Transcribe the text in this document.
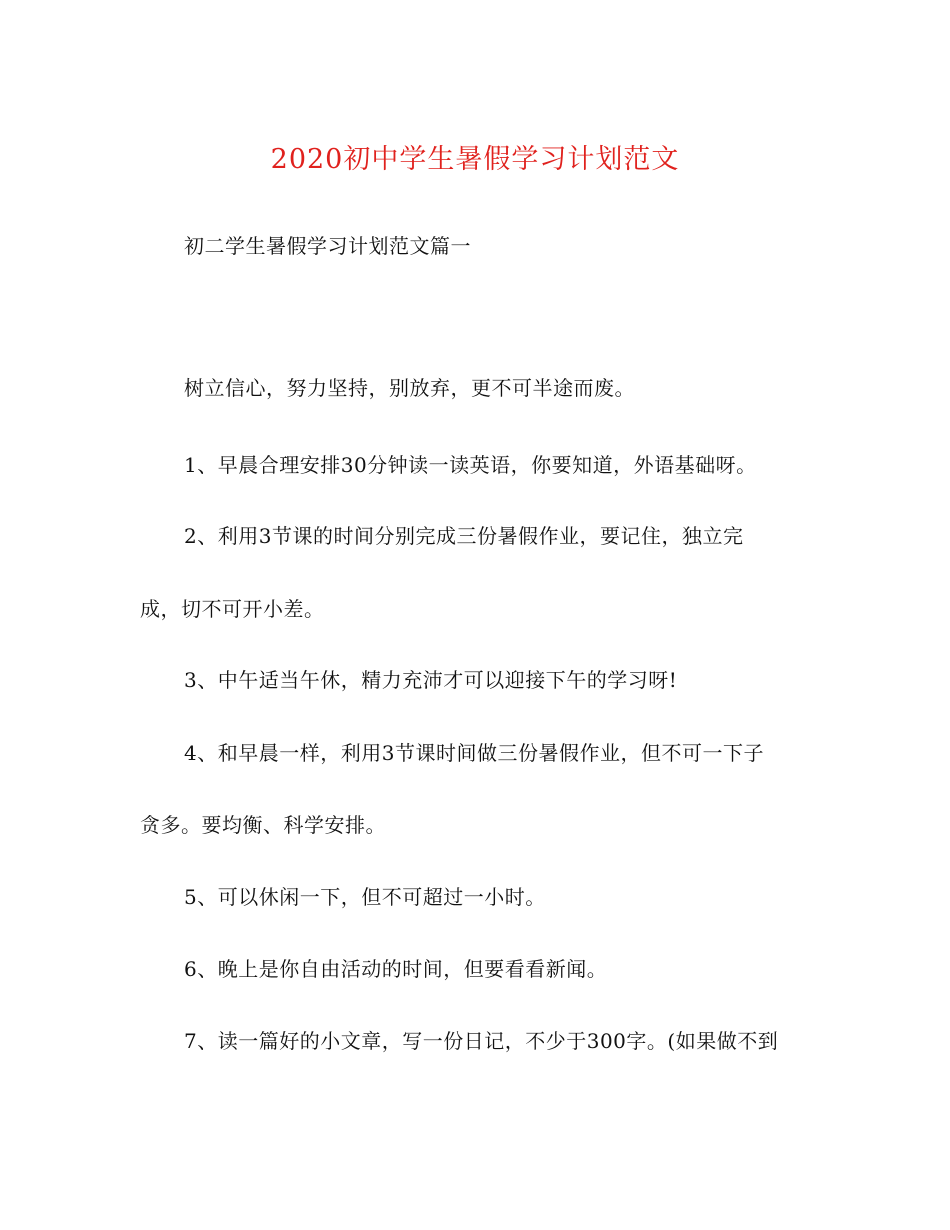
2020初中学生暑假学习计划范文
初二学生暑假学习计划范文篇一
树立信心，努力坚持，别放弃，更不可半途而废。
1、早晨合理安排30分钟读一读英语，你要知道，外语基础呀。
2、利用3节课的时间分别完成三份暑假作业，要记住，独立完
成，切不可开小差。
3、中午适当午休，精力充沛才可以迎接下午的学习呀!
4、和早晨一样，利用3节课时间做三份暑假作业，但不可一下子
贪多。要均衡、科学安排。
5、可以休闲一下，但不可超过一小时。
6、晚上是你自由活动的时间，但要看看新闻。
7、读一篇好的小文章，写一份日记，不少于300字。(如果做不到
